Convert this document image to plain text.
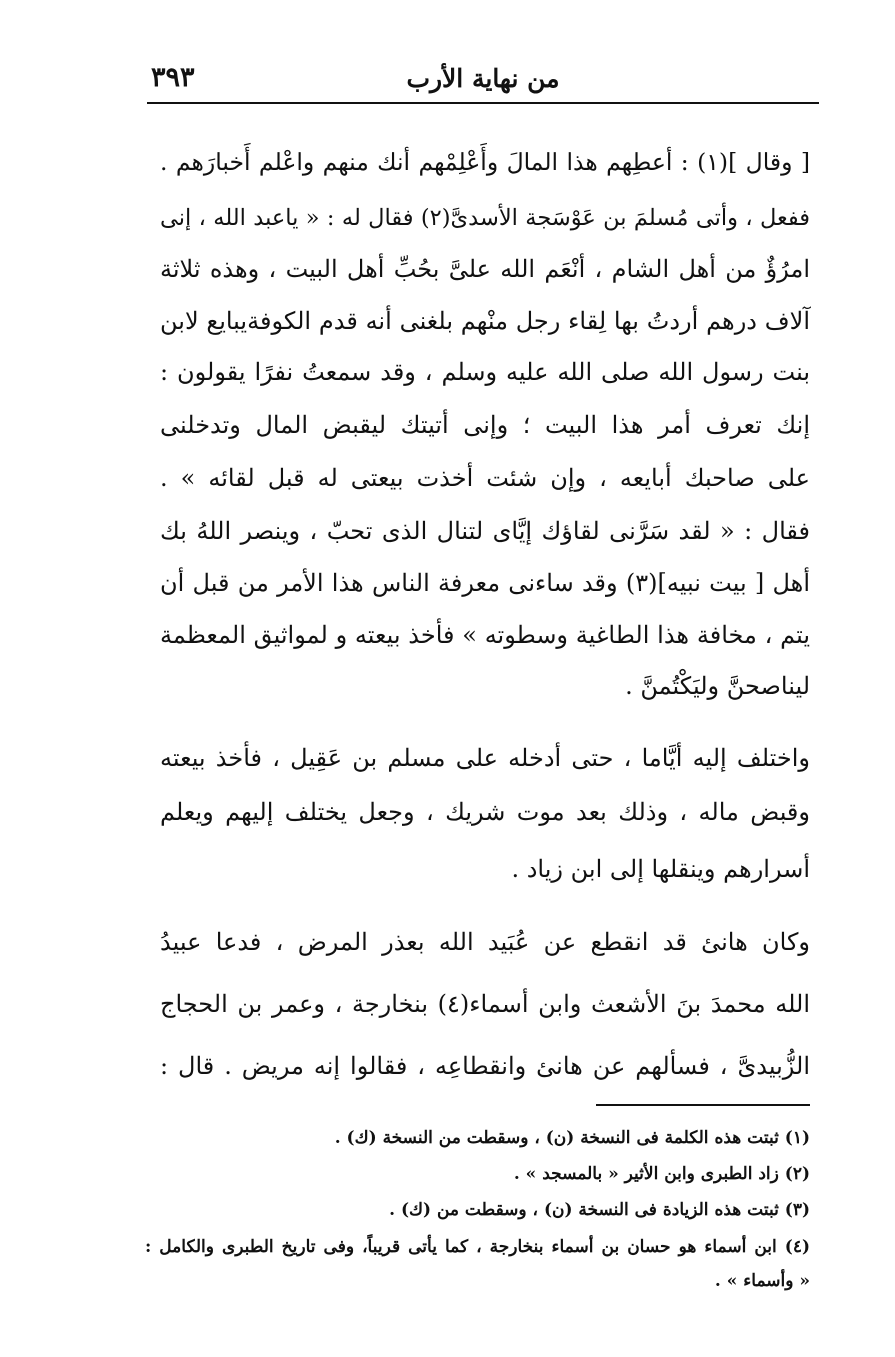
من نهاية الأرب
٣٩٣
[ وقال ](١) : أعطِهم هذا المالَ وأَعْلِمْهم أنك منهم واعْلم أَخبارَهم .
ففعل ، وأتى مُسلمَ بن عَوْسَجة الأسدىَّ(٢) فقال له : « ياعبد الله ، إنى
امرُؤٌ من أهل الشام ، أنْعَم الله علىَّ بحُبِّ أهل البيت ، وهذه ثلاثة
آلاف درهم أردتُ بها لِقاء رجل منْهم بلغنى أنه قدم الكوفةيبايع لابن
بنت رسول الله صلى الله عليه وسلم ، وقد سمعتُ نفرًا يقولون :
إنك تعرف أمر هذا البيت ؛ وإنى أتيتك ليقبض المال وتدخلنى
على صاحبك أبايعه ، وإن شئت أخذت بيعتى له قبل لقائه » .
فقال : « لقد سَرَّنى لقاؤك إيَّاى لتنال الذى تحبّ ، وينصر اللهُ بك
أهل [ بيت نبيه](٣) وقد ساءنى معرفة الناس هذا الأمر من قبل أن
يتم ، مخافة هذا الطاغية وسطوته » فأخذ بيعته و لمواثيق المعظمة
ليناصحنَّ وليَكْتُمنَّ .
واختلف إليه أيَّاما ، حتى أدخله على مسلم بن عَقِيل ، فأخذ بيعته
وقبض ماله ، وذلك بعد موت شريك ، وجعل يختلف إليهم ويعلم
أسرارهم وينقلها إلى ابن زياد .
وكان هانئ قد انقطع عن عُبَيد الله بعذر المرض ، فدعا عبيدُ
الله محمدَ بنَ الأشعث وابن أسماء(٤) بنخارجة ، وعمر بن الحجاج
الزُّبيدىَّ ، فسألهم عن هانئ وانقطاعِه ، فقالوا إنه مريض . قال :
(١) ثبتت هذه الكلمة فى النسخة (ن) ، وسقطت من النسخة (ك) .
(٢) زاد الطبرى وابن الأثير « بالمسجد » .
(٣) ثبتت هذه الزيادة فى النسخة (ن) ، وسقطت من (ك) .
(٤) ابن أسماء هو حسان بن أسماء بنخارجة ، كما يأتى قريباً، وفى تاريخ الطبرى والكامل :
« وأسماء » .
